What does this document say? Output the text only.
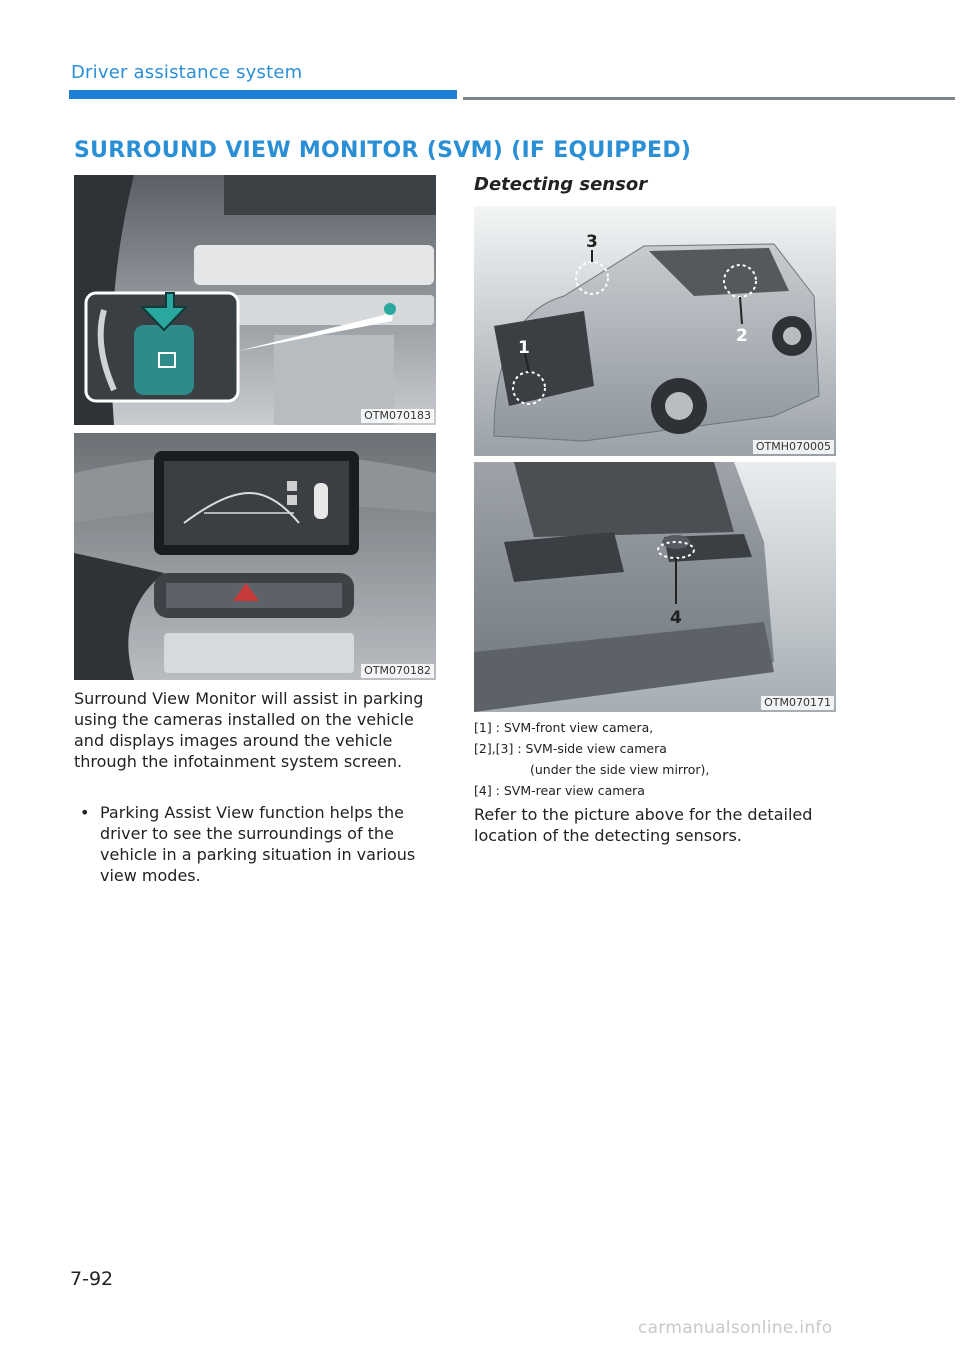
Driver assistance system
SURROUND VIEW MONITOR (SVM) (IF EQUIPPED)
OTM070183
OTM070182
Detecting sensor
1
2
3
OTMH070005
4
OTM070171

Surround View Monitor will assist in parking using the cameras installed on the vehicle and displays images around the vehicle through the infotainment system screen.

• Parking Assist View function helps the driver to see the surroundings of the vehicle in a parking situation in various view modes.
[1] : SVM-front view camera,
[2],[3] : SVM-side view camera
(under the side view mirror),
[4] : SVM-rear view camera

Refer to the picture above for the detailed location of the detecting sensors.

7-92
carmanualsonline.info
